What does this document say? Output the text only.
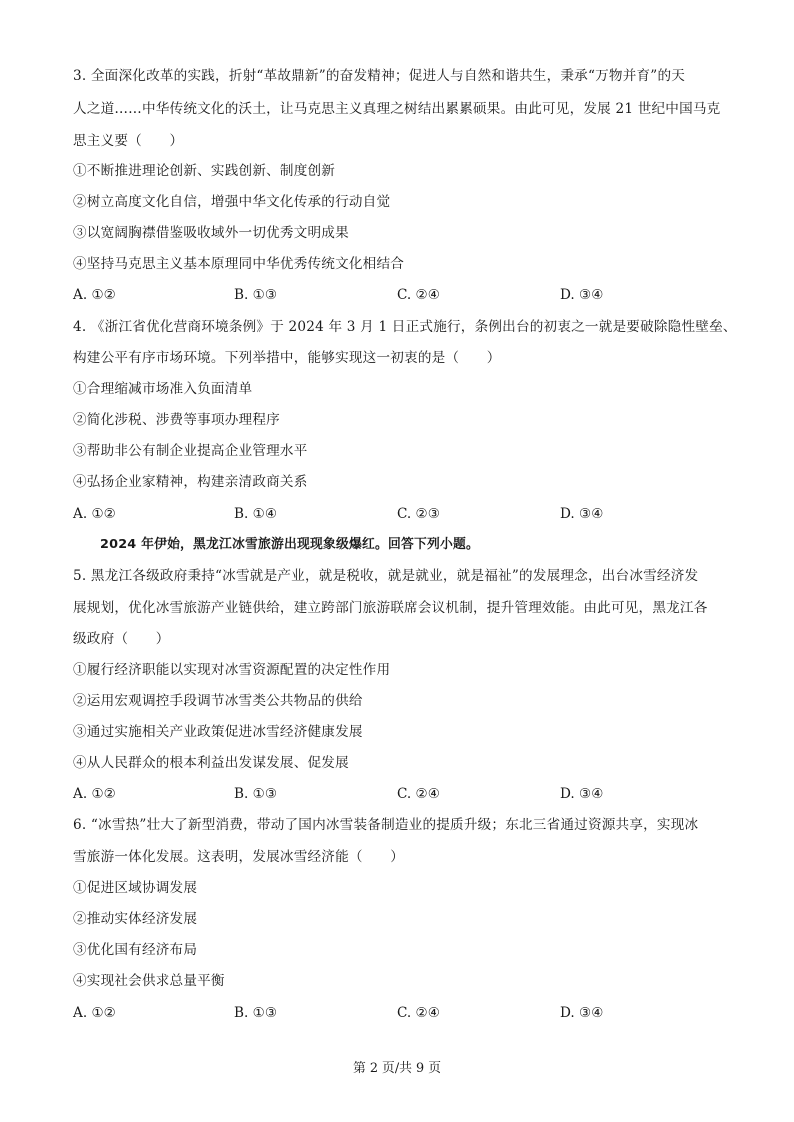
3. 全面深化改革的实践，折射“革故鼎新”的奋发精神；促进人与自然和谐共生，秉承“万物并育”的天
人之道……中华传统文化的沃土，让马克思主义真理之树结出累累硕果。由此可见，发展 21 世纪中国马克
思主义要（　　）
①不断推进理论创新、实践创新、制度创新
②树立高度文化自信，增强中华文化传承的行动自觉
③以宽阔胸襟借鉴吸收域外一切优秀文明成果
④坚持马克思主义基本原理同中华优秀传统文化相结合
A. ①②	B. ①③	C. ②④	D. ③④
4. 《浙江省优化营商环境条例》于 2024 年 3 月 1 日正式施行，条例出台的初衷之一就是要破除隐性壁垒、
构建公平有序市场环境。下列举措中，能够实现这一初衷的是（　　）
①合理缩减市场准入负面清单
②简化涉税、涉费等事项办理程序
③帮助非公有制企业提高企业管理水平
④弘扬企业家精神，构建亲清政商关系
A. ①②	B. ①④	C. ②③	D. ③④
2024 年伊始，黑龙江冰雪旅游出现现象级爆红。回答下列小题。
5. 黑龙江各级政府秉持“冰雪就是产业，就是税收，就是就业，就是福祉”的发展理念，出台冰雪经济发
展规划，优化冰雪旅游产业链供给，建立跨部门旅游联席会议机制，提升管理效能。由此可见，黑龙江各
级政府（　　）
①履行经济职能以实现对冰雪资源配置的决定性作用
②运用宏观调控手段调节冰雪类公共物品的供给
③通过实施相关产业政策促进冰雪经济健康发展
④从人民群众的根本利益出发谋发展、促发展
A. ①②	B. ①③	C. ②④	D. ③④
6. “冰雪热”壮大了新型消费，带动了国内冰雪装备制造业的提质升级；东北三省通过资源共享，实现冰
雪旅游一体化发展。这表明，发展冰雪经济能（　　）
①促进区域协调发展
②推动实体经济发展
③优化国有经济布局
④实现社会供求总量平衡
A. ①②	B. ①③	C. ②④	D. ③④
第 2 页/共 9 页
